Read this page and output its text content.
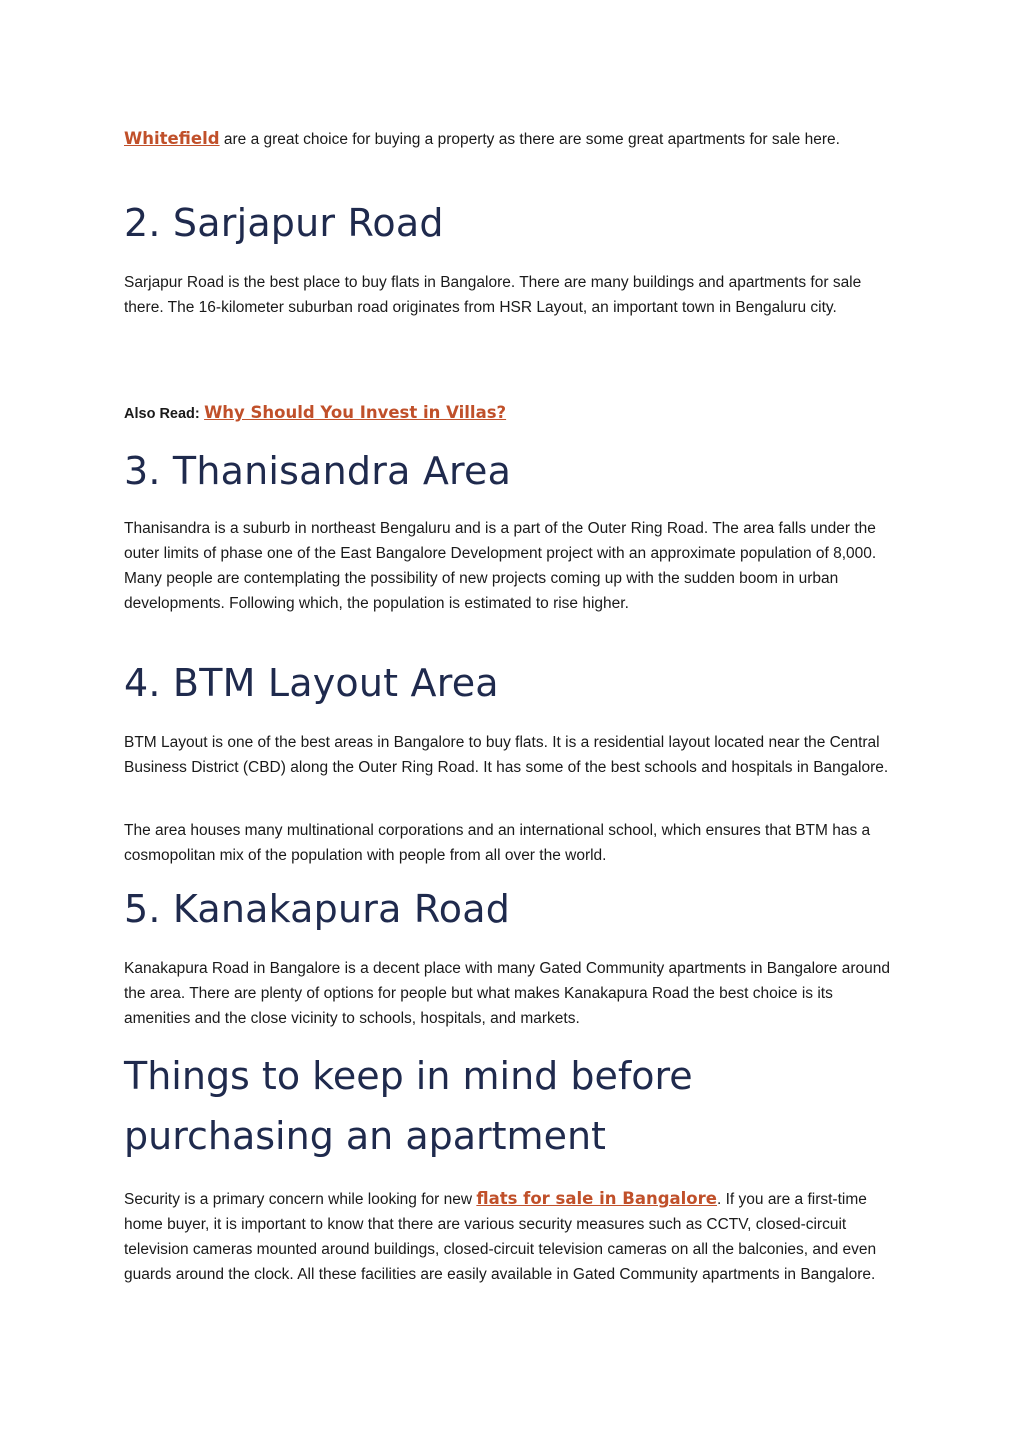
Whitefield are a great choice for buying a property as there are some great apartments for sale here.

2. Sarjapur Road

Sarjapur Road is the best place to buy flats in Bangalore. There are many buildings and apartments for sale there. The 16-kilometer suburban road originates from HSR Layout, an important town in Bengaluru city.

Also Read: Why Should You Invest in Villas?

3. Thanisandra Area

Thanisandra is a suburb in northeast Bengaluru and is a part of the Outer Ring Road. The area falls under the outer limits of phase one of the East Bangalore Development project with an approximate population of 8,000. Many people are contemplating the possibility of new projects coming up with the sudden boom in urban developments. Following which, the population is estimated to rise higher.

4. BTM Layout Area

BTM Layout is one of the best areas in Bangalore to buy flats. It is a residential layout located near the Central Business District (CBD) along the Outer Ring Road. It has some of the best schools and hospitals in Bangalore.

The area houses many multinational corporations and an international school, which ensures that BTM has a cosmopolitan mix of the population with people from all over the world.

5. Kanakapura Road

Kanakapura Road in Bangalore is a decent place with many Gated Community apartments in Bangalore around the area. There are plenty of options for people but what makes Kanakapura Road the best choice is its amenities and the close vicinity to schools, hospitals, and markets.

Things to keep in mind before
purchasing an apartment

Security is a primary concern while looking for new flats for sale in Bangalore. If you are a first-time home buyer, it is important to know that there are various security measures such as CCTV, closed-circuit television cameras mounted around buildings, closed-circuit television cameras on all the balconies, and even guards around the clock. All these facilities are easily available in Gated Community apartments in Bangalore.
